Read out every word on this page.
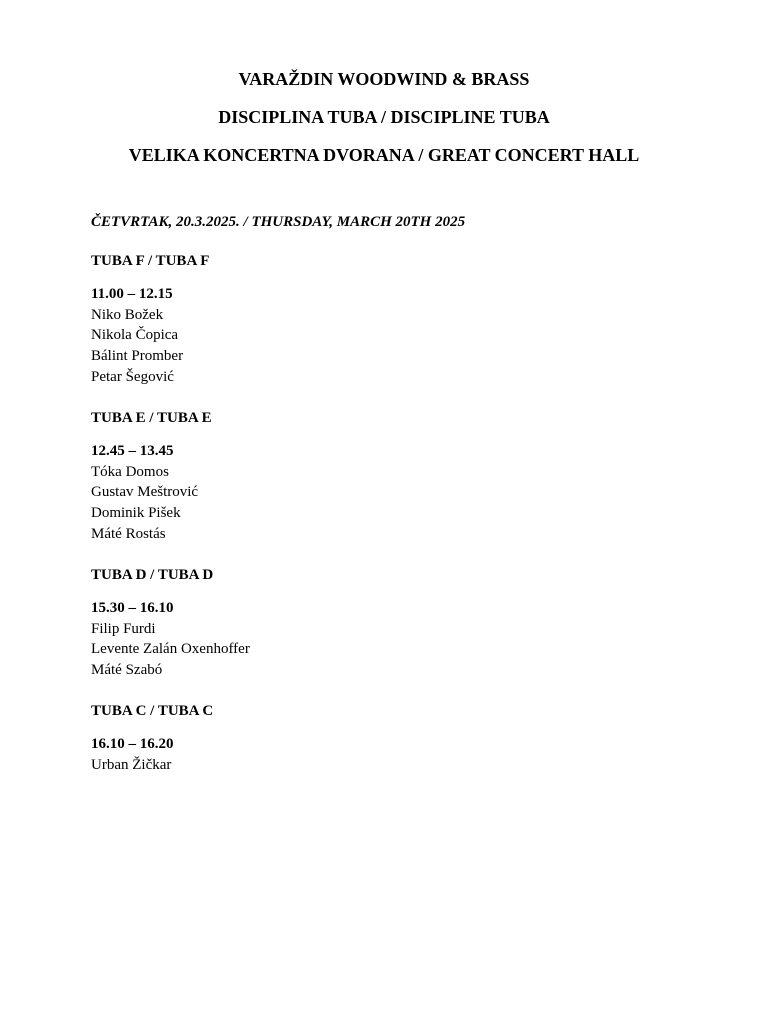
VARAŽDIN WOODWIND & BRASS
DISCIPLINA TUBA / DISCIPLINE TUBA
VELIKA KONCERTNA DVORANA / GREAT CONCERT HALL
ČETVRTAK, 20.3.2025. / THURSDAY, MARCH 20TH 2025
TUBA F / TUBA F
11.00 – 12.15
Niko Božek
Nikola Čopica
Bálint Promber
Petar Šegović
TUBA E / TUBA E
12.45 – 13.45
Tóka Domos
Gustav Meštrović
Dominik Pišek
Máté Rostás
TUBA D / TUBA D
15.30 – 16.10
Filip Furdi
Levente Zalán Oxenhoffer
Máté Szabó
TUBA C / TUBA C
16.10 – 16.20
Urban Žičkar
